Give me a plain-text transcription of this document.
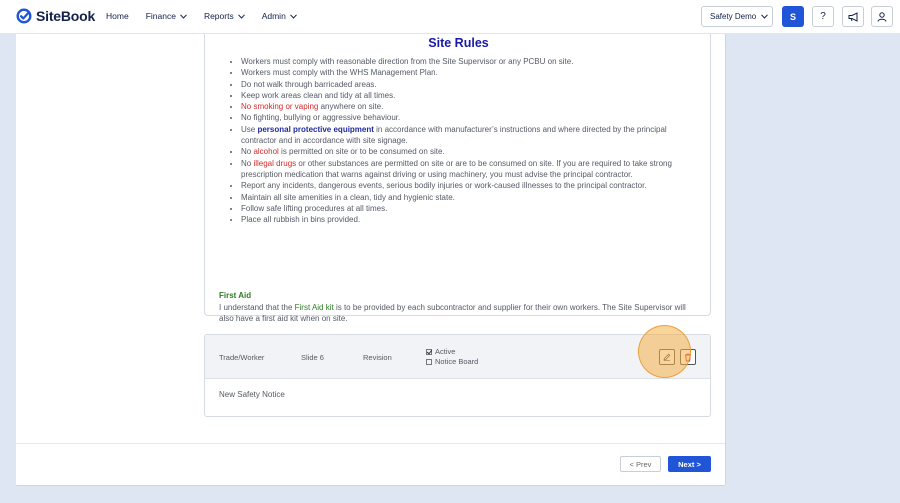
SiteBook Home Finance	Reports	Admin	Safety Demo	S	?
Site Rules
• Workers must comply with reasonable direction from the Site Supervisor or any PCBU on site.
• Workers must comply with the WHS Management Plan.
• Do not walk through barricaded areas.
• Keep work areas clean and tidy at all times.
• No smoking or vaping anywhere on site.
• No fighting, bullying or aggressive behaviour.
• Use personal protective equipment in accordance with manufacturer’s instructions and where directed by the principal contractor and in accordance with site signage.
• No alcohol is permitted on site or to be consumed on site.
• No illegal drugs or other substances are permitted on site or are to be consumed on site. If you are required to take strong prescription medication that warns against driving or using machinery, you must advise the principal contractor.
• Report any incidents, dangerous events, serious bodily injuries or work-caused illnesses to the principal contractor.
• Maintain all site amenities in a clean, tidy and hygienic state.
• Follow safe lifting procedures at all times.
• Place all rubbish in bins provided.
First Aid
I understand that the First Aid kit is to be provided by each subcontractor and supplier for their own workers. The Site Supervisor will also have a first aid kit when on site.
Trade/Worker	Slide 6	Revision
Active
Notice Board
New Safety Notice
< Prev	Next >
